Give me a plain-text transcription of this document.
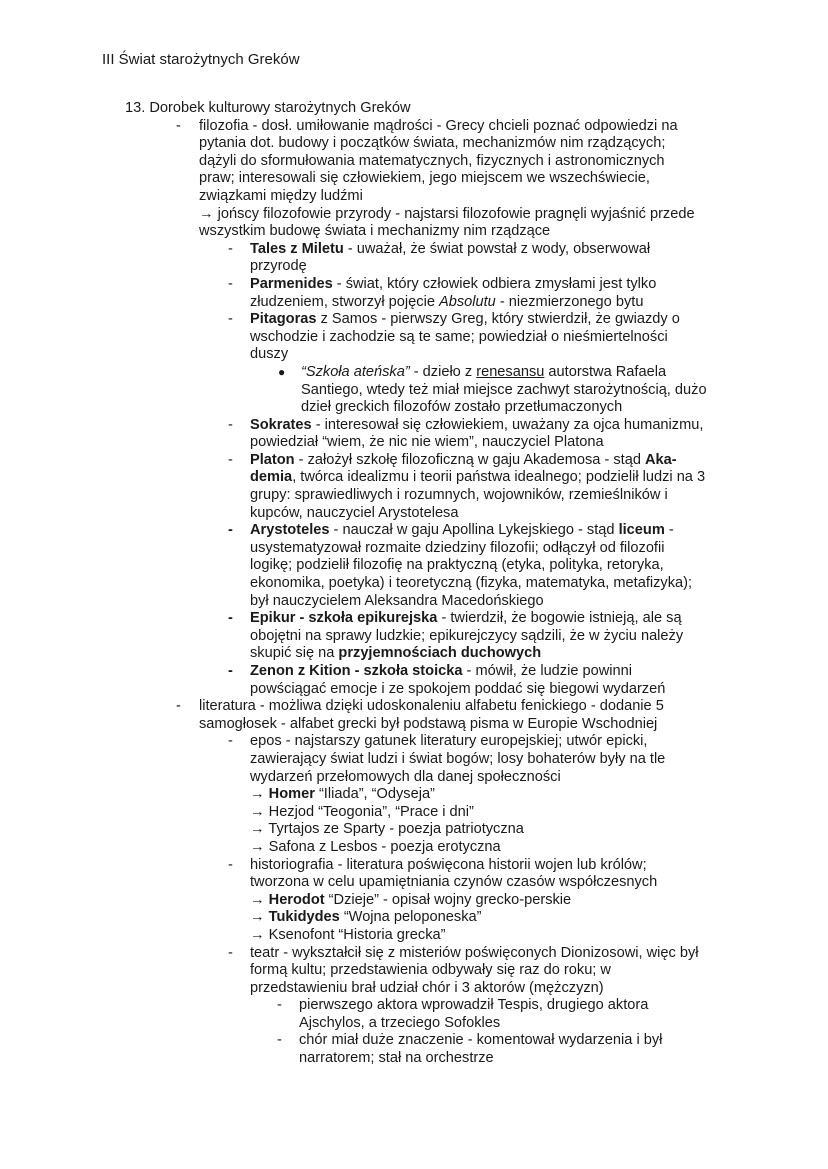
III Świat starożytnych Greków
13. Dorobek kulturowy starożytnych Greków
- filozofia - dosł. umiłowanie mądrości - Grecy chcieli poznać odpowiedzi na
pytania dot. budowy i początków świata, mechanizmów nim rządzących;
dążyli do sformułowania matematycznych, fizycznych i astronomicznych
praw; interesowali się człowiekiem, jego miejscem we wszechświecie,
związkami między ludźmi
→ jońscy filozofowie przyrody - najstarsi filozofowie pragnęli wyjaśnić przede
wszystkim budowę świata i mechanizmy nim rządzące
- Tales z Miletu - uważał, że świat powstał z wody, obserwował
przyrodę
- Parmenides - świat, który człowiek odbiera zmysłami jest tylko
złudzeniem, stworzył pojęcie Absolutu - niezmierzonego bytu
- Pitagoras z Samos - pierwszy Greg, który stwierdził, że gwiazdy o
wschodzie i zachodzie są te same; powiedział o nieśmiertelności
duszy
● “Szkoła ateńska” - dzieło z renesansu autorstwa Rafaela
Santiego, wtedy też miał miejsce zachwyt starożytnością, dużo
dzieł greckich filozofów zostało przetłumaczonych
- Sokrates - interesował się człowiekiem, uważany za ojca humanizmu,
powiedział “wiem, że nic nie wiem”, nauczyciel Platona
- Platon - założył szkołę filozoficzną w gaju Akademosa - stąd Aka-
demia, twórca idealizmu i teorii państwa idealnego; podzielił ludzi na 3
grupy: sprawiedliwych i rozumnych, wojowników, rzemieślników i
kupców, nauczyciel Arystotelesa
- Arystoteles - nauczał w gaju Apollina Lykejskiego - stąd liceum -
usystematyzował rozmaite dziedziny filozofii; odłączył od filozofii
logikę; podzielił filozofię na praktyczną (etyka, polityka, retoryka,
ekonomika, poetyka) i teoretyczną (fizyka, matematyka, metafizyka);
był nauczycielem Aleksandra Macedońskiego
- Epikur - szkoła epikurejska - twierdził, że bogowie istnieją, ale są
obojętni na sprawy ludzkie; epikurejczycy sądzili, że w życiu należy
skupić się na przyjemnościach duchowych
- Zenon z Kition - szkoła stoicka - mówił, że ludzie powinni
powściągać emocje i ze spokojem poddać się biegowi wydarzeń
- literatura - możliwa dzięki udoskonaleniu alfabetu fenickiego - dodanie 5
samogłosek - alfabet grecki był podstawą pisma w Europie Wschodniej
- epos - najstarszy gatunek literatury europejskiej; utwór epicki,
zawierający świat ludzi i świat bogów; losy bohaterów były na tle
wydarzeń przełomowych dla danej społeczności
→ Homer “Iliada”, “Odyseja”
→ Hezjod “Teogonia”, “Prace i dni”
→ Tyrtajos ze Sparty - poezja patriotyczna
→ Safona z Lesbos - poezja erotyczna
- historiografia - literatura poświęcona historii wojen lub królów;
tworzona w celu upamiętniania czynów czasów współczesnych
→ Herodot “Dzieje” - opisał wojny grecko-perskie
→ Tukidydes “Wojna peloponeska”
→ Ksenofont “Historia grecka”
- teatr - wykształcił się z misteriów poświęconych Dionizosowi, więc był
formą kultu; przedstawienia odbywały się raz do roku; w
przedstawieniu brał udział chór i 3 aktorów (mężczyzn)
- pierwszego aktora wprowadził Tespis, drugiego aktora
Ajschylos, a trzeciego Sofokles
- chór miał duże znaczenie - komentował wydarzenia i był
narratorem; stał na orchestrze
